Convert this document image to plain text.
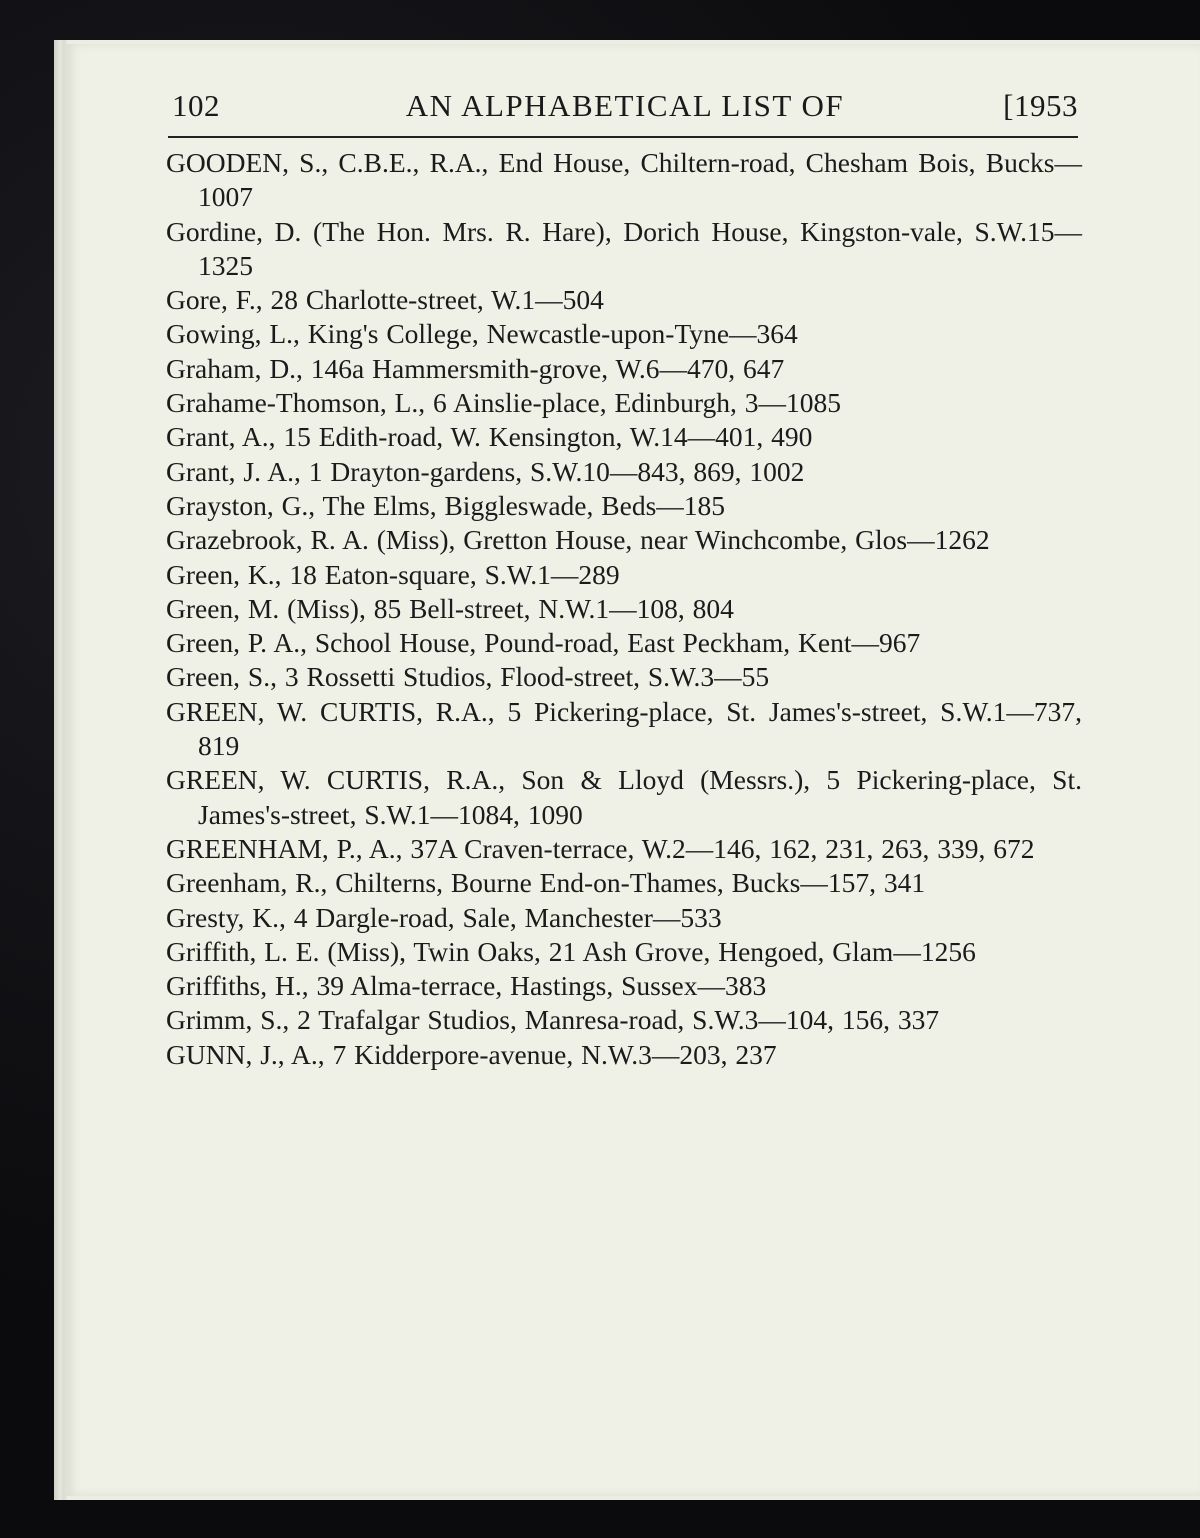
102	AN ALPHABETICAL LIST OF	[1953
GOODEN, S., C.B.E., R.A., End House, Chiltern-road, Chesham Bois, Bucks—1007
Gordine, D. (The Hon. Mrs. R. Hare), Dorich House, Kingston-vale, S.W.15—1325
Gore, F., 28 Charlotte-street, W.1—504
Gowing, L., King's College, Newcastle-upon-Tyne—364
Graham, D., 146a Hammersmith-grove, W.6—470, 647
Grahame-Thomson, L., 6 Ainslie-place, Edinburgh, 3—1085
Grant, A., 15 Edith-road, W. Kensington, W.14—401, 490
Grant, J. A., 1 Drayton-gardens, S.W.10—843, 869, 1002
Grayston, G., The Elms, Biggleswade, Beds—185
Grazebrook, R. A. (Miss), Gretton House, near Winchcombe, Glos—1262
Green, K., 18 Eaton-square, S.W.1—289
Green, M. (Miss), 85 Bell-street, N.W.1—108, 804
Green, P. A., School House, Pound-road, East Peckham, Kent—967
Green, S., 3 Rossetti Studios, Flood-street, S.W.3—55
GREEN, W. CURTIS, R.A., 5 Pickering-place, St. James's-street, S.W.1—737, 819
GREEN, W. CURTIS, R.A., Son & Lloyd (Messrs.), 5 Pickering-place, St. James's-street, S.W.1—1084, 1090
GREENHAM, P., A., 37A Craven-terrace, W.2—146, 162, 231, 263, 339, 672
Greenham, R., Chilterns, Bourne End-on-Thames, Bucks—157, 341
Gresty, K., 4 Dargle-road, Sale, Manchester—533
Griffith, L. E. (Miss), Twin Oaks, 21 Ash Grove, Hengoed, Glam—1256
Griffiths, H., 39 Alma-terrace, Hastings, Sussex—383
Grimm, S., 2 Trafalgar Studios, Manresa-road, S.W.3—104, 156, 337
GUNN, J., A., 7 Kidderpore-avenue, N.W.3—203, 237
